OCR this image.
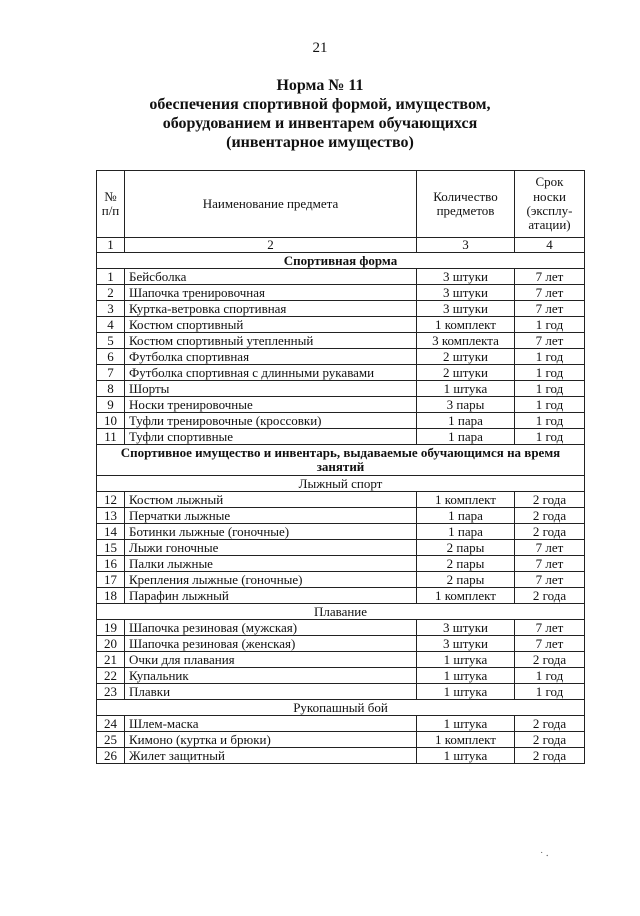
21
Норма № 11
обеспечения спортивной формой, имуществом,
оборудованием и инвентарем обучающихся
(инвентарное имущество)
№ п/п	Наименование предмета	Количество предметов	Срок носки (эксплу-атации)
1	2	3	4
Спортивная форма			
1	Бейсболка	3 штуки	7 лет
2	Шапочка тренировочная	3 штуки	7 лет
3	Куртка-ветровка спортивная	3 штуки	7 лет
4	Костюм спортивный	1 комплект	1 год
5	Костюм спортивный утепленный	3 комплекта	7 лет
6	Футболка спортивная	2 штуки	1 год
7	Футболка спортивная с длинными рукавами	2 штуки	1 год
8	Шорты	1 штука	1 год
9	Носки тренировочные	3 пары	1 год
10	Туфли тренировочные (кроссовки)	1 пара	1 год
11	Туфли спортивные	1 пара	1 год
Спортивное имущество и инвентарь, выдаваемые обучающимся на время занятий			
Лыжный спорт			
12	Костюм лыжный	1 комплект	2 года
13	Перчатки лыжные	1 пара	2 года
14	Ботинки лыжные (гоночные)	1 пара	2 года
15	Лыжи гоночные	2 пары	7 лет
16	Палки лыжные	2 пары	7 лет
17	Крепления лыжные (гоночные)	2 пары	7 лет
18	Парафин лыжный	1 комплект	2 года
Плавание			
19	Шапочка резиновая (мужская)	3 штуки	7 лет
20	Шапочка резиновая (женская)	3 штуки	7 лет
21	Очки для плавания	1 штука	2 года
22	Купальник	1 штука	1 год
23	Плавки	1 штука	1 год
Рукопашный бой			
24	Шлем-маска	1 штука	2 года
25	Кимоно (куртка и брюки)	1 комплект	2 года
26	Жилет защитный	1 штука	2 года
˙ ⸱
